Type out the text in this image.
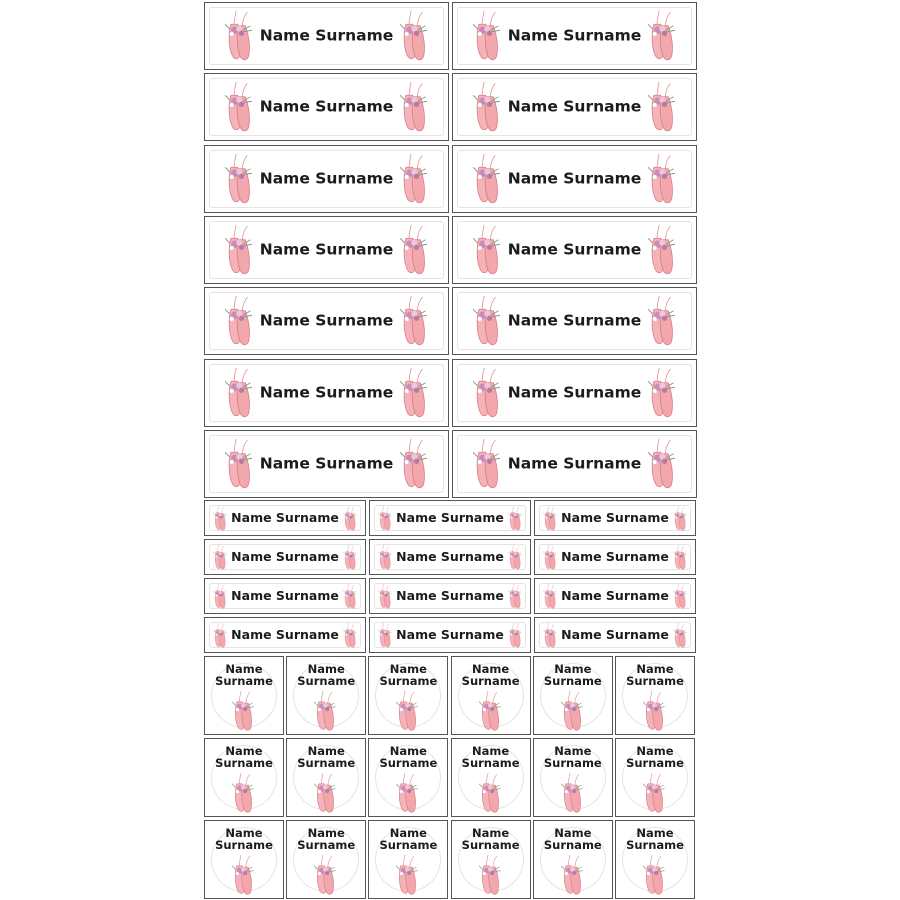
Name Surname	Name Surname
Name Surname	Name Surname
Name Surname	Name Surname
Name Surname	Name Surname
Name Surname	Name Surname
Name Surname	Name Surname
Name Surname	Name Surname
Name Surname	Name Surname	Name Surname
Name Surname	Name Surname	Name Surname
Name Surname	Name Surname	Name Surname
Name Surname	Name Surname	Name Surname
Name
Surname
Name
Surname
Name
Surname
Name
Surname
Name
Surname
Name
Surname
Name
Surname
Name
Surname
Name
Surname
Name
Surname
Name
Surname
Name
Surname
Name
Surname
Name
Surname
Name
Surname
Name
Surname
Name
Surname
Name
Surname
